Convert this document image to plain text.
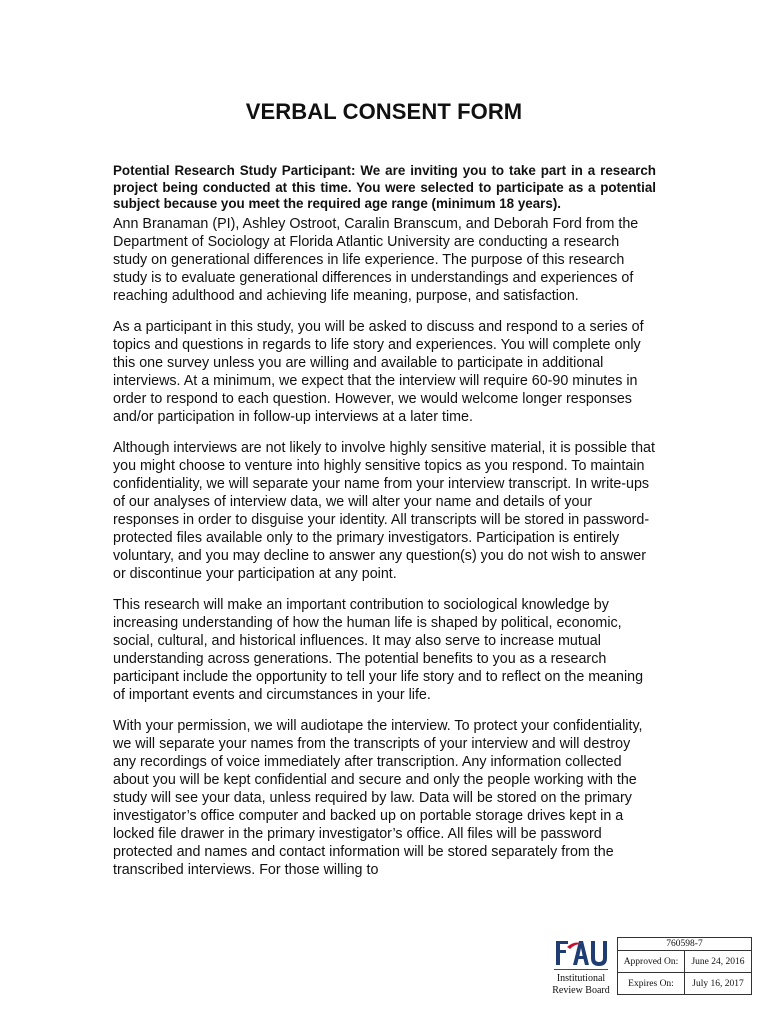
VERBAL CONSENT FORM

Potential Research Study Participant: We are inviting you to take part in a research project being conducted at this time. You were selected to participate as a potential subject because you meet the required age range (minimum 18 years).

Ann Branaman (PI), Ashley Ostroot, Caralin Branscum, and Deborah Ford from the Department of Sociology at Florida Atlantic University are conducting a research study on generational differences in life experience. The purpose of this research study is to evaluate generational differences in understandings and experiences of reaching adulthood and achieving life meaning, purpose, and satisfaction.

As a participant in this study, you will be asked to discuss and respond to a series of topics and questions in regards to life story and experiences. You will complete only this one survey unless you are willing and available to participate in additional interviews. At a minimum, we expect that the interview will require 60-90 minutes in order to respond to each question. However, we would welcome longer responses and/or participation in follow-up interviews at a later time.

Although interviews are not likely to involve highly sensitive material, it is possible that you might choose to venture into highly sensitive topics as you respond. To maintain confidentiality, we will separate your name from your interview transcript. In write-ups of our analyses of interview data, we will alter your name and details of your responses in order to disguise your identity. All transcripts will be stored in password-protected files available only to the primary investigators. Participation is entirely voluntary, and you may decline to answer any question(s) you do not wish to answer or discontinue your participation at any point.

This research will make an important contribution to sociological knowledge by increasing understanding of how the human life is shaped by political, economic, social, cultural, and historical influences. It may also serve to increase mutual understanding across generations. The potential benefits to you as a research participant include the opportunity to tell your life story and to reflect on the meaning of important events and circumstances in your life.

With your permission, we will audiotape the interview. To protect your confidentiality, we will separate your names from the transcripts of your interview and will destroy any recordings of voice immediately after transcription. Any information collected about you will be kept confidential and secure and only the people working with the study will see your data, unless required by law. Data will be stored on the primary investigator’s office computer and backed up on portable storage drives kept in a locked file drawer in the primary investigator’s office. All files will be password protected and names and contact information will be stored separately from the transcribed interviews. For those willing to

Institutional
Review Board
760598-7	
Approved On:	June 24, 2016
Expires On:	July 16, 2017
